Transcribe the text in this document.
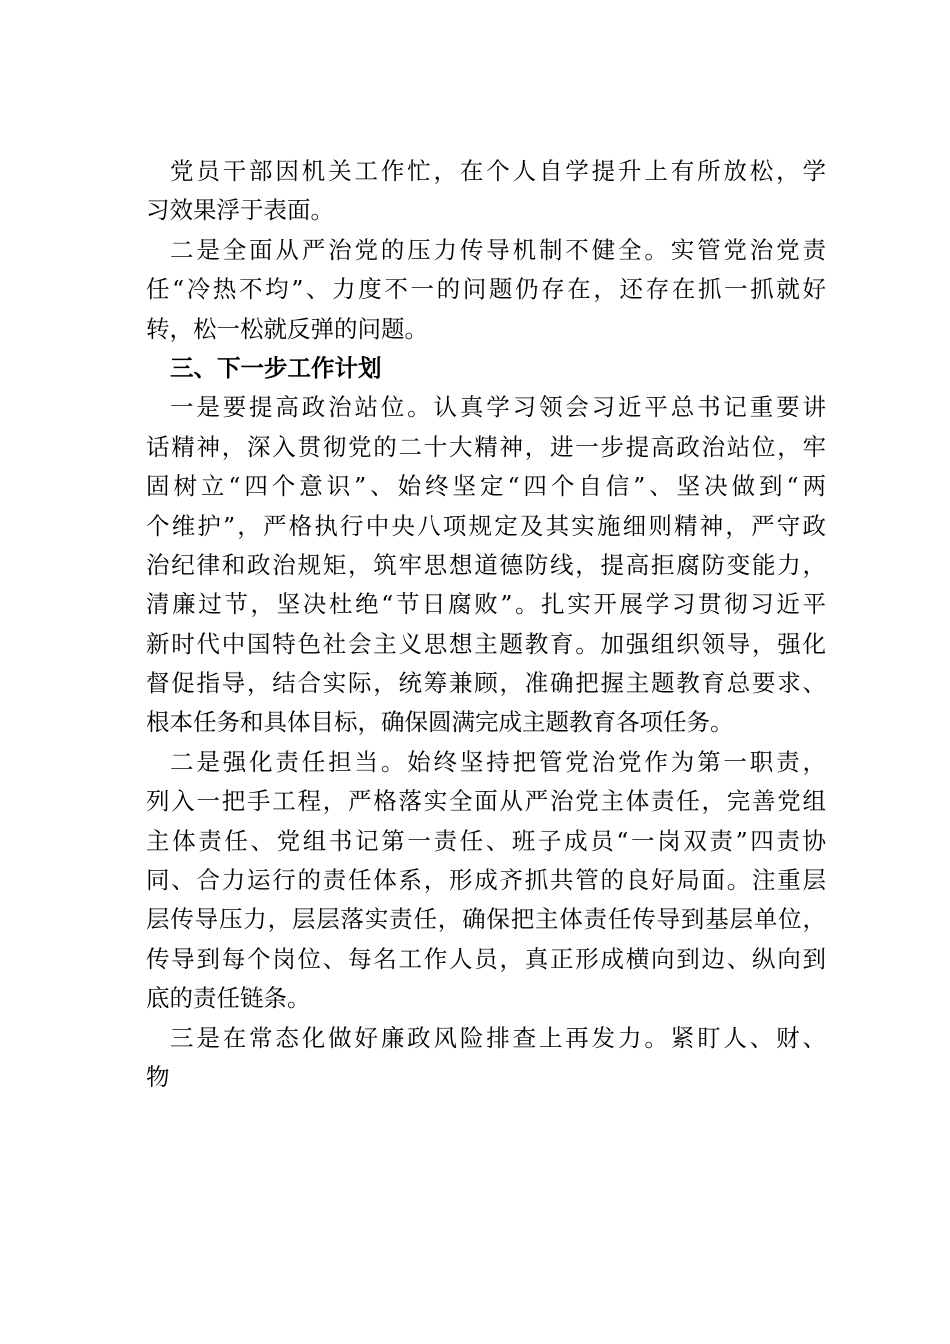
党员干部因机关工作忙，在个人自学提升上有所放松，学
习效果浮于表面。
二是全面从严治党的压力传导机制不健全。实管党治党责
任“冷热不均”、力度不一的问题仍存在，还存在抓一抓就好
转，松一松就反弹的问题。
三、下一步工作计划
一是要提高政治站位。认真学习领会习近平总书记重要讲
话精神，深入贯彻党的二十大精神，进一步提高政治站位，牢
固树立“四个意识”、始终坚定“四个自信”、坚决做到“两
个维护”，严格执行中央八项规定及其实施细则精神，严守政
治纪律和政治规矩，筑牢思想道德防线，提高拒腐防变能力，
清廉过节，坚决杜绝“节日腐败”。扎实开展学习贯彻习近平
新时代中国特色社会主义思想主题教育。加强组织领导，强化
督促指导，结合实际，统筹兼顾，准确把握主题教育总要求、
根本任务和具体目标，确保圆满完成主题教育各项任务。
二是强化责任担当。始终坚持把管党治党作为第一职责，
列入一把手工程，严格落实全面从严治党主体责任，完善党组
主体责任、党组书记第一责任、班子成员“一岗双责”四责协
同、合力运行的责任体系，形成齐抓共管的良好局面。注重层
层传导压力，层层落实责任，确保把主体责任传导到基层单位，
传导到每个岗位、每名工作人员，真正形成横向到边、纵向到
底的责任链条。
三是在常态化做好廉政风险排查上再发力。紧盯人、财、
物
